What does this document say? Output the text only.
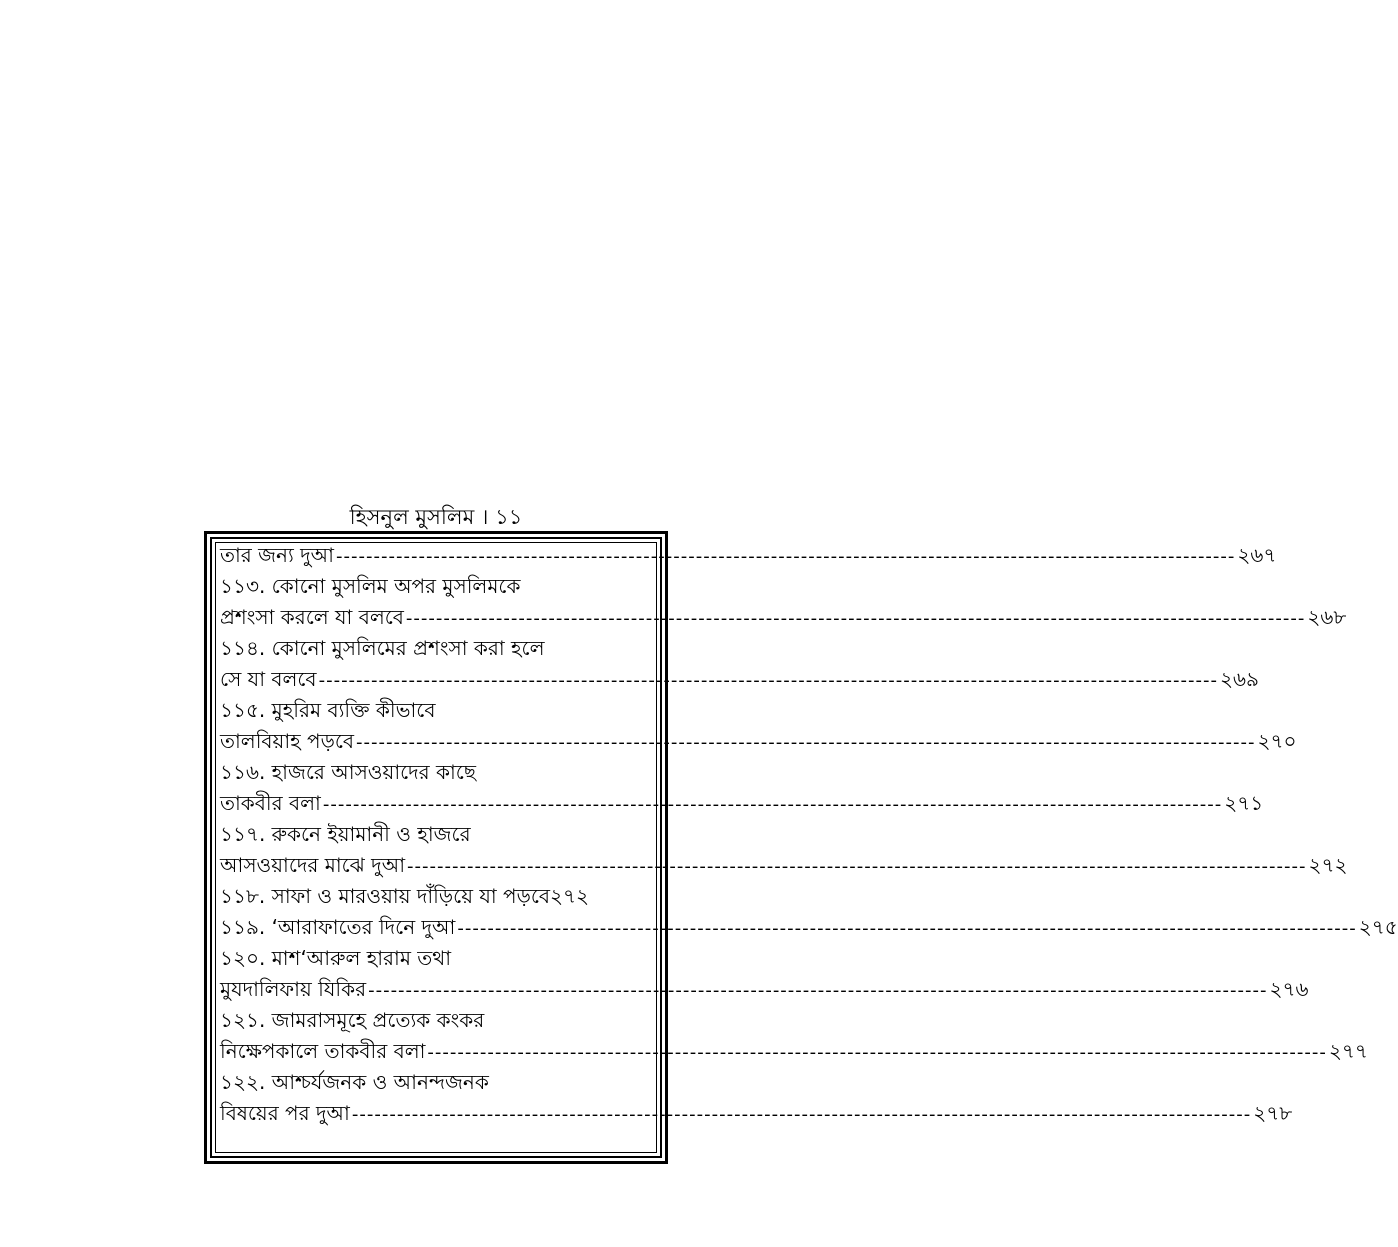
হিসনুল মুসলিম । ১১
তার জন্য দুআ ------------------------------------------------------------------------------------------------------------------------ ২৬৭
১১৩. কোনো মুসলিম অপর মুসলিমকে
প্রশংসা করলে যা বলবে ------------------------------------------------------------------------------------------------------------------------ ২৬৮
১১৪. কোনো মুসলিমের প্রশংসা করা হলে
সে যা বলবে ------------------------------------------------------------------------------------------------------------------------ ২৬৯
১১৫. মুহরিম ব্যক্তি কীভাবে
তালবিয়াহ পড়বে ------------------------------------------------------------------------------------------------------------------------ ২৭০
১১৬. হাজরে আসওয়াদের কাছে
তাকবীর বলা ------------------------------------------------------------------------------------------------------------------------ ২৭১
১১৭. রুকনে ইয়ামানী ও হাজরে
আসওয়াদের মাঝে দুআ ------------------------------------------------------------------------------------------------------------------------ ২৭২
১১৮. সাফা ও মারওয়ায় দাঁড়িয়ে যা পড়বে ২৭২
১১৯. ‘আরাফাতের দিনে দুআ ------------------------------------------------------------------------------------------------------------------------ ২৭৫
১২০. মাশ‘আরুল হারাম তথা
মুযদালিফায় যিকির ------------------------------------------------------------------------------------------------------------------------ ২৭৬
১২১. জামরাসমূহে প্রত্যেক কংকর
নিক্ষেপকালে তাকবীর বলা ------------------------------------------------------------------------------------------------------------------------ ২৭৭
১২২. আশ্চর্যজনক ও আনন্দজনক
বিষয়ের পর দুআ ------------------------------------------------------------------------------------------------------------------------ ২৭৮
